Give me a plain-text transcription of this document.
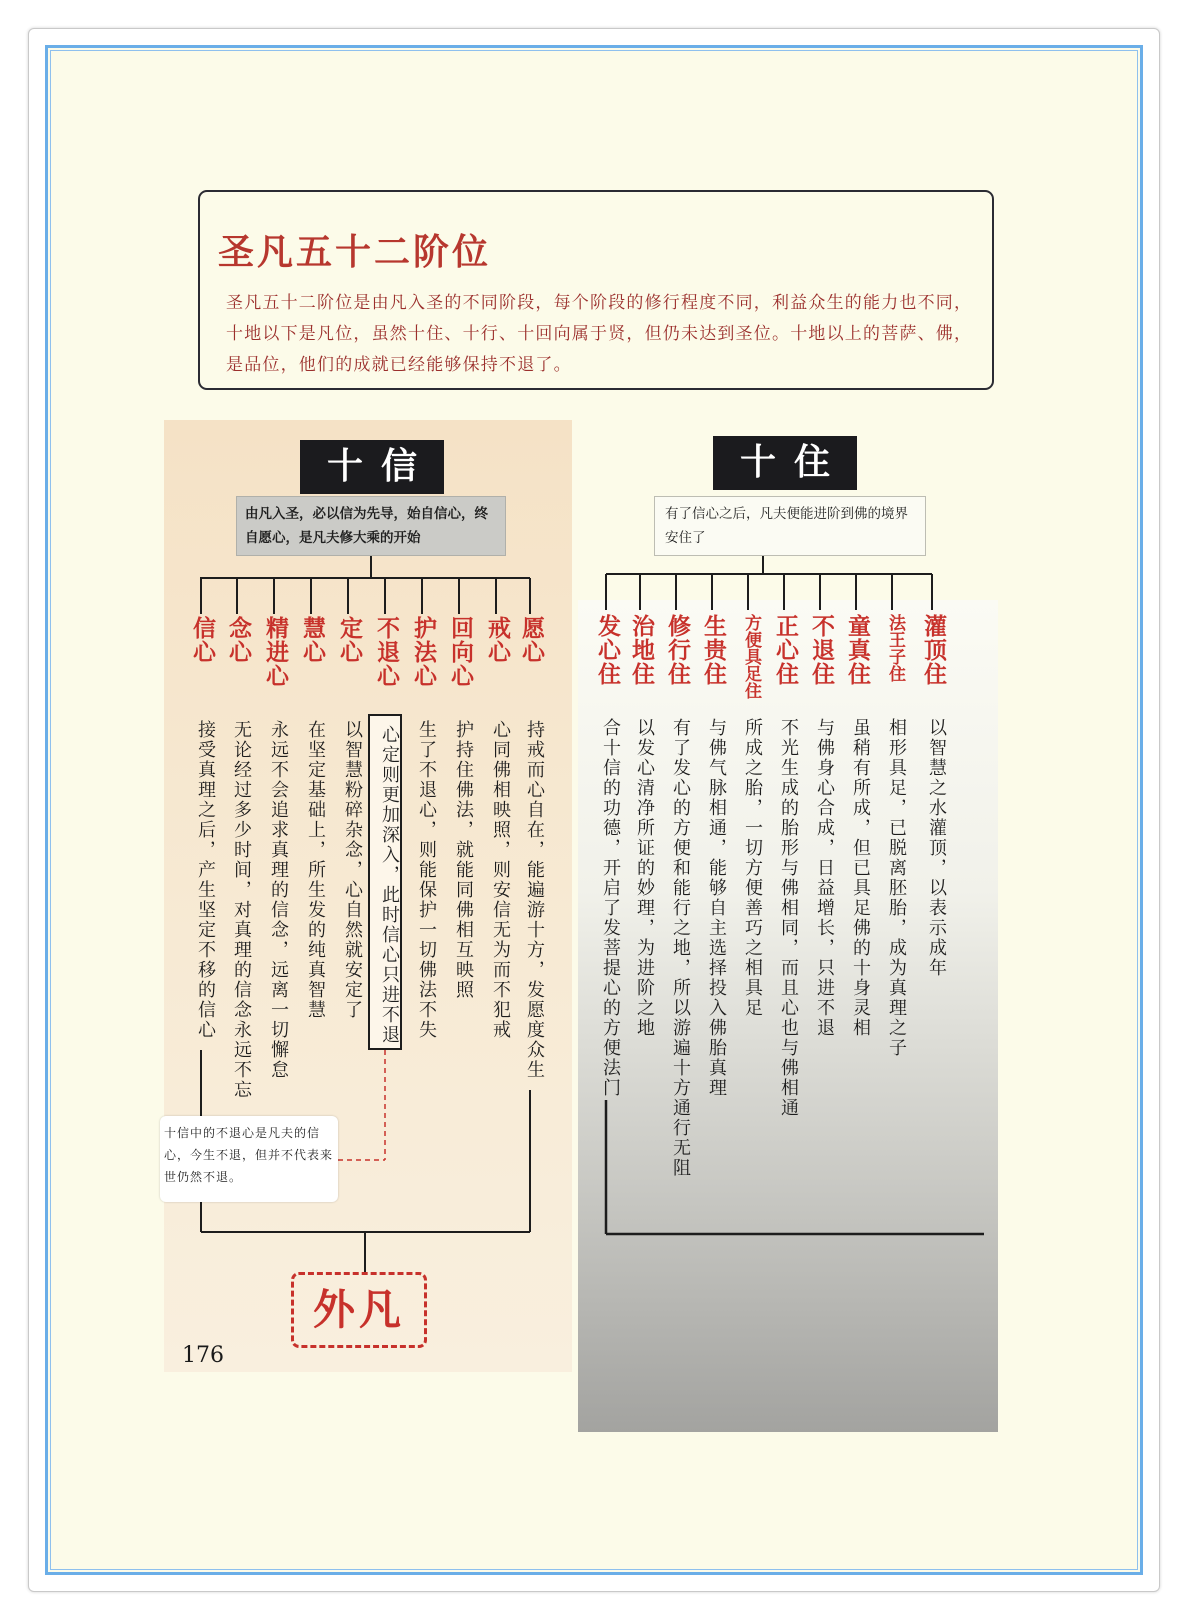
圣凡五十二阶位
圣凡五十二阶位是由凡入圣的不同阶段，每个阶段的修行程度不同，利益众生的能力也不同，十地以下是凡位，虽然十住、十行、十回向属于贤，但仍未达到圣位。十地以上的菩萨、佛，是品位，他们的成就已经能够保持不退了。
十信	十住
由凡入圣，必以信为先导，始自信心，终自愿心，是凡夫修大乘的开始
有了信心之后，凡夫便能进阶到佛的境界安住了
信心 念心 精进心 慧心 定心 不退心 护法心 回向心 戒心 愿心
接受真理之后，产生坚定不移的信心 无论经过多少时间，对真理的信念永远不忘 永远不会追求真理的信念，远离一切懈怠 在坚定基础上，所生发的纯真智慧 以智慧粉碎杂念，心自然就安定了 心定则更加深入，此时信心只进不退 生了不退心，则能保护一切佛法不失 护持住佛法，就能同佛相互映照 心同佛相映照，则安信无为而不犯戒 持戒而心自在，能遍游十方，发愿度众生
发心住 治地住 修行住 生贵住 方便具足住 正心住 不退住 童真住 法王子住 灌顶住
合十信的功德，开启了发菩提心的方便法门 以发心清净所证的妙理，为进阶之地 有了发心的方便和能行之地，所以游遍十方通行无阻 与佛气脉相通，能够自主选择投入佛胎真理 所成之胎，一切方便善巧之相具足 不光生成的胎形与佛相同，而且心也与佛相通 与佛身心合成，日益增长，只进不退 虽稍有所成，但已具足佛的十身灵相 相形具足，已脱离胚胎，成为真理之子	以智慧之水灌顶，以表示成年
十信中的不退心是凡夫的信心，今生不退，但并不代表来世仍然不退。
外凡
176
